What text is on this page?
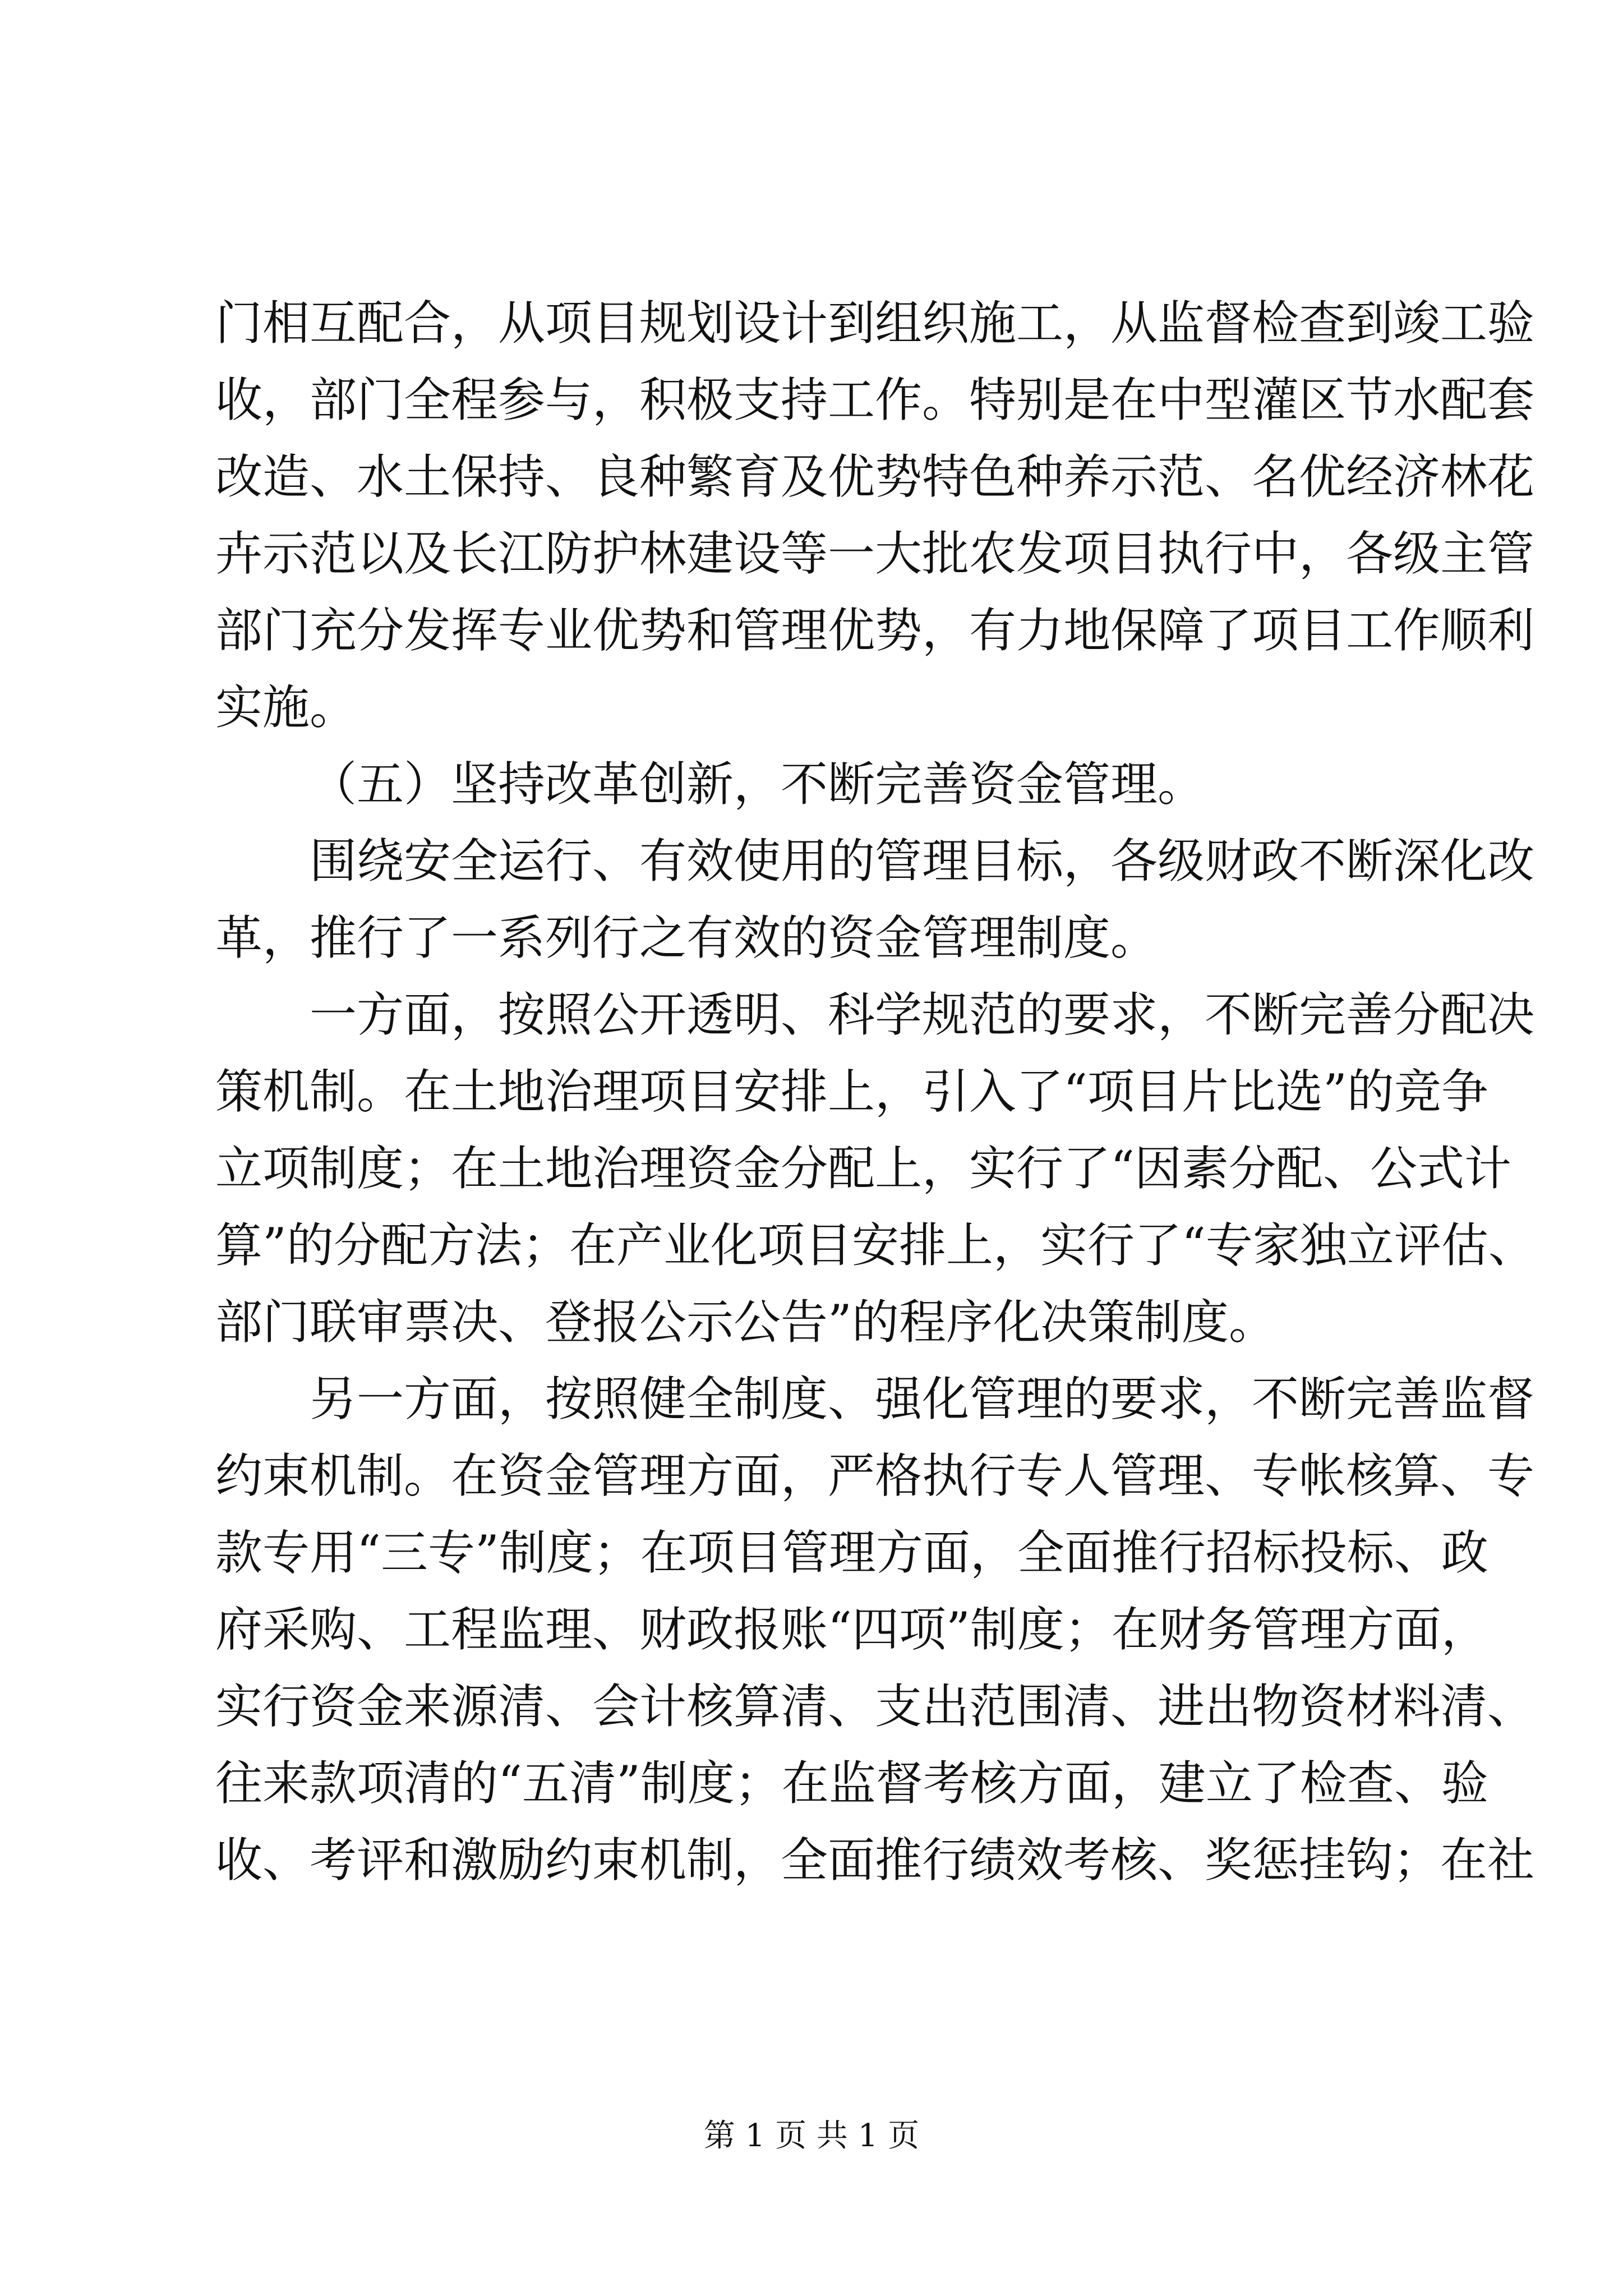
门相互配合，从项目规划设计到组织施工，从监督检查到竣工验
收，部门全程参与，积极支持工作。特别是在中型灌区节水配套
改造、水土保持、良种繁育及优势特色种养示范、名优经济林花
卉示范以及长江防护林建设等一大批农发项目执行中，各级主管
部门充分发挥专业优势和管理优势，有力地保障了项目工作顺利
实施。
（五）坚持改革创新，不断完善资金管理。
围绕安全运行、有效使用的管理目标，各级财政不断深化改
革，推行了一系列行之有效的资金管理制度。
一方面，按照公开透明、科学规范的要求，不断完善分配决
策机制。在土地治理项目安排上，引入了“项目片比选”的竞争
立项制度；在土地治理资金分配上，实行了“因素分配、公式计
算”的分配方法；在产业化项目安排上，实行了“专家独立评估、
部门联审票决、登报公示公告”的程序化决策制度。
另一方面，按照健全制度、强化管理的要求，不断完善监督
约束机制。在资金管理方面，严格执行专人管理、专帐核算、专
款专用“三专”制度；在项目管理方面，全面推行招标投标、政
府采购、工程监理、财政报账“四项”制度；在财务管理方面，
实行资金来源清、会计核算清、支出范围清、进出物资材料清、
往来款项清的“五清”制度；在监督考核方面，建立了检查、验
收、考评和激励约束机制，全面推行绩效考核、奖惩挂钩；在社
第 1 页 共 1 页
